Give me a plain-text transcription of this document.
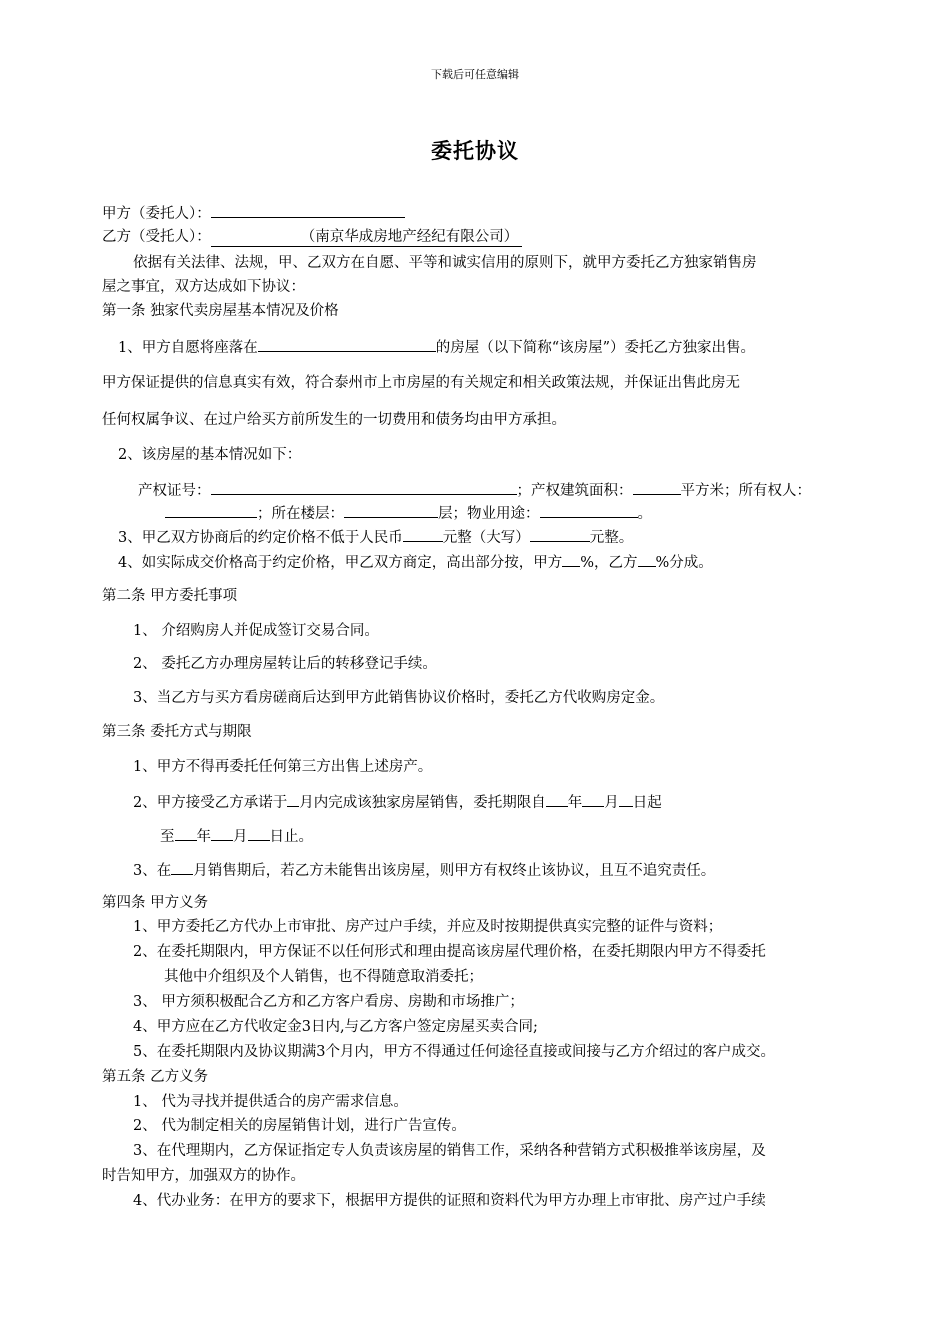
下载后可任意编辑
委托协议
甲方（委托人）：
乙方（受托人）：	（南京华成房地产经纪有限公司）
依据有关法律、法规，甲、乙双方在自愿、平等和诚实信用的原则下，就甲方委托乙方独家销售房
屋之事宜，双方达成如下协议：
第一条 独家代卖房屋基本情况及价格
1、甲方自愿将座落在	的房屋（以下简称“该房屋”）委托乙方独家出售。
甲方保证提供的信息真实有效，符合泰州市上市房屋的有关规定和相关政策法规，并保证出售此房无
任何权属争议、在过户给买方前所发生的一切费用和债务均由甲方承担。
2、该房屋的基本情况如下：
产权证号：	；产权建筑面积：	平方米；所有权人：
；所在楼层：	层；物业用途：	。
3、甲乙双方协商后的约定价格不低于人民币	元整（大写）	元整。
4、如实际成交价格高于约定价格，甲乙双方商定，高出部分按，甲方 %，乙方 %分成。
第二条 甲方委托事项
1、 介绍购房人并促成签订交易合同。
2、 委托乙方办理房屋转让后的转移登记手续。
3、当乙方与买方看房磋商后达到甲方此销售协议价格时，委托乙方代收购房定金。
第三条 委托方式与期限
1、甲方不得再委托任何第三方出售上述房产。
2、甲方接受乙方承诺于 月内完成该独家房屋销售，委托期限自 年 月 日起
至 年 月 日止。
3、在 月销售期后，若乙方未能售出该房屋，则甲方有权终止该协议，且互不追究责任。
第四条 甲方义务
1、甲方委托乙方代办上市审批、房产过户手续，并应及时按期提供真实完整的证件与资料；
2、在委托期限内，甲方保证不以任何形式和理由提高该房屋代理价格，在委托期限内甲方不得委托
其他中介组织及个人销售，也不得随意取消委托；
3、 甲方须积极配合乙方和乙方客户看房、房勘和市场推广；
4、甲方应在乙方代收定金3日内,与乙方客户签定房屋买卖合同;
5、在委托期限内及协议期满3个月内，甲方不得通过任何途径直接或间接与乙方介绍过的客户成交。
第五条 乙方义务
1、 代为寻找并提供适合的房产需求信息。
2、 代为制定相关的房屋销售计划，进行广告宣传。
3、在代理期内，乙方保证指定专人负责该房屋的销售工作，采纳各种营销方式积极推举该房屋，及
时告知甲方，加强双方的协作。
4、代办业务：在甲方的要求下，根据甲方提供的证照和资料代为甲方办理上市审批、房产过户手续
